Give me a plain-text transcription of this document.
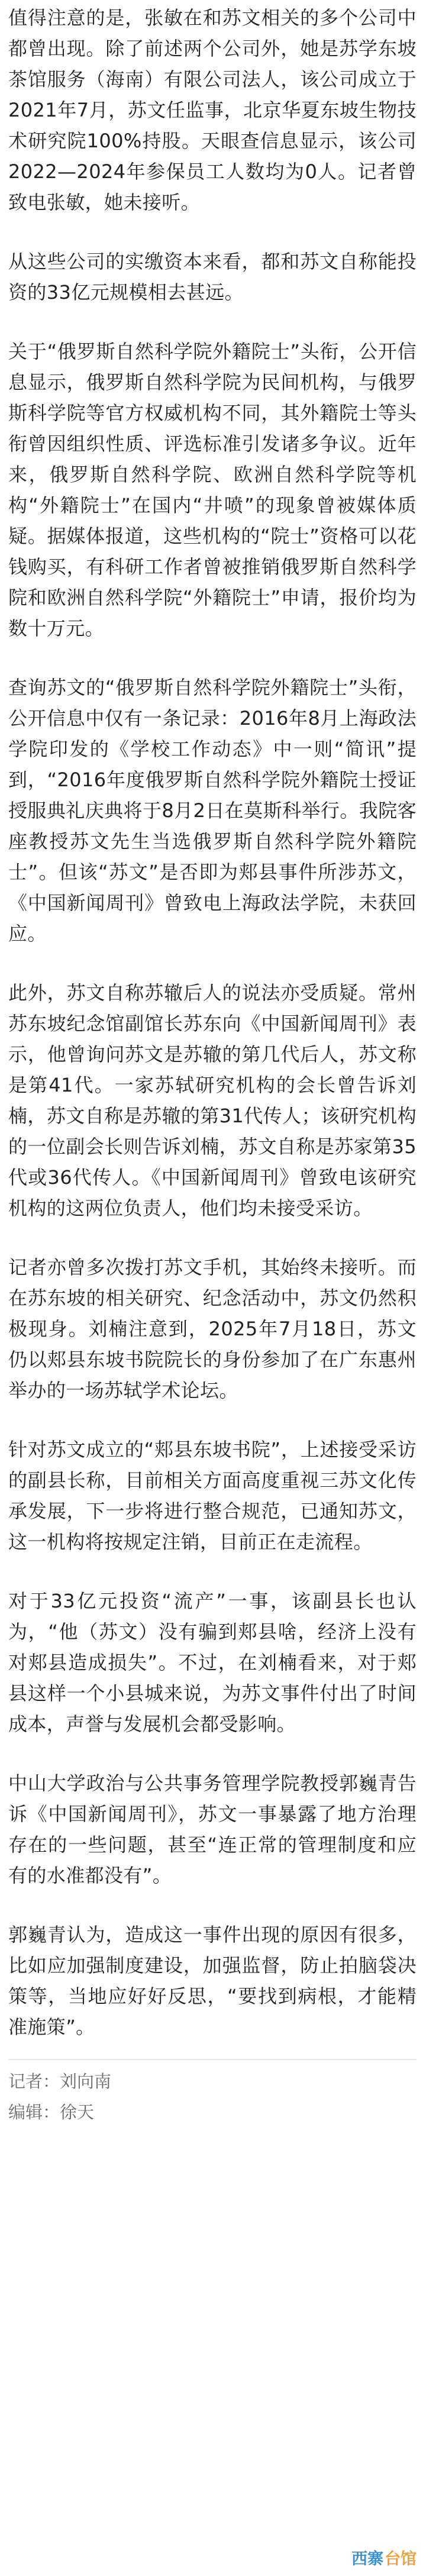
值得注意的是，张敏在和苏文相关的多个公司中都曾出现。除了前述两个公司外，她是苏学东坡茶馆服务（海南）有限公司法人，该公司成立于2021年7月，苏文任监事，北京华夏东坡生物技术研究院100%持股。天眼查信息显示，该公司2022—2024年参保员工人数均为0人。记者曾致电张敏，她未接听。

从这些公司的实缴资本来看，都和苏文自称能投资的33亿元规模相去甚远。

关于“俄罗斯自然科学院外籍院士”头衔，公开信息显示，俄罗斯自然科学院为民间机构，与俄罗斯科学院等官方权威机构不同，其外籍院士等头衔曾因组织性质、评选标准引发诸多争议。近年来，俄罗斯自然科学院、欧洲自然科学院等机构“外籍院士”在国内“井喷”的现象曾被媒体质疑。据媒体报道，这些机构的“院士”资格可以花钱购买，有科研工作者曾被推销俄罗斯自然科学院和欧洲自然科学院“外籍院士”申请，报价均为数十万元。

查询苏文的“俄罗斯自然科学院外籍院士”头衔，公开信息中仅有一条记录：2016年8月上海政法学院印发的《学校工作动态》中一则“简讯”提到，“2016年度俄罗斯自然科学院外籍院士授证授服典礼庆典将于8月2日在莫斯科举行。我院客座教授苏文先生当选俄罗斯自然科学院外籍院士”。但该“苏文”是否即为郏县事件所涉苏文，《中国新闻周刊》曾致电上海政法学院，未获回应。

此外，苏文自称苏辙后人的说法亦受质疑。常州苏东坡纪念馆副馆长苏东向《中国新闻周刊》表示，他曾询问苏文是苏辙的第几代后人，苏文称是第41代。一家苏轼研究机构的会长曾告诉刘楠，苏文自称是苏辙的第31代传人；该研究机构的一位副会长则告诉刘楠，苏文自称是苏家第35代或36代传人。《中国新闻周刊》曾致电该研究机构的这两位负责人，他们均未接受采访。

记者亦曾多次拨打苏文手机，其始终未接听。而在苏东坡的相关研究、纪念活动中，苏文仍然积极现身。刘楠注意到，2025年7月18日，苏文仍以郏县东坡书院院长的身份参加了在广东惠州举办的一场苏轼学术论坛。

针对苏文成立的“郏县东坡书院”，上述接受采访的副县长称，目前相关方面高度重视三苏文化传承发展，下一步将进行整合规范，已通知苏文，这一机构将按规定注销，目前正在走流程。

对于33亿元投资“流产”一事，该副县长也认为，“他（苏文）没有骗到郏县啥，经济上没有对郏县造成损失”。不过，在刘楠看来，对于郏县这样一个小县城来说，为苏文事件付出了时间成本，声誉与发展机会都受影响。

中山大学政治与公共事务管理学院教授郭巍青告诉《中国新闻周刊》，苏文一事暴露了地方治理存在的一些问题，甚至“连正常的管理制度和应有的水准都没有”。

郭巍青认为，造成这一事件出现的原因有很多，比如应加强制度建设，加强监督，防止拍脑袋决策等，当地应好好反思，“要找到病根，才能精准施策”。

记者：刘向南

编辑：徐天

西寨 台馆
